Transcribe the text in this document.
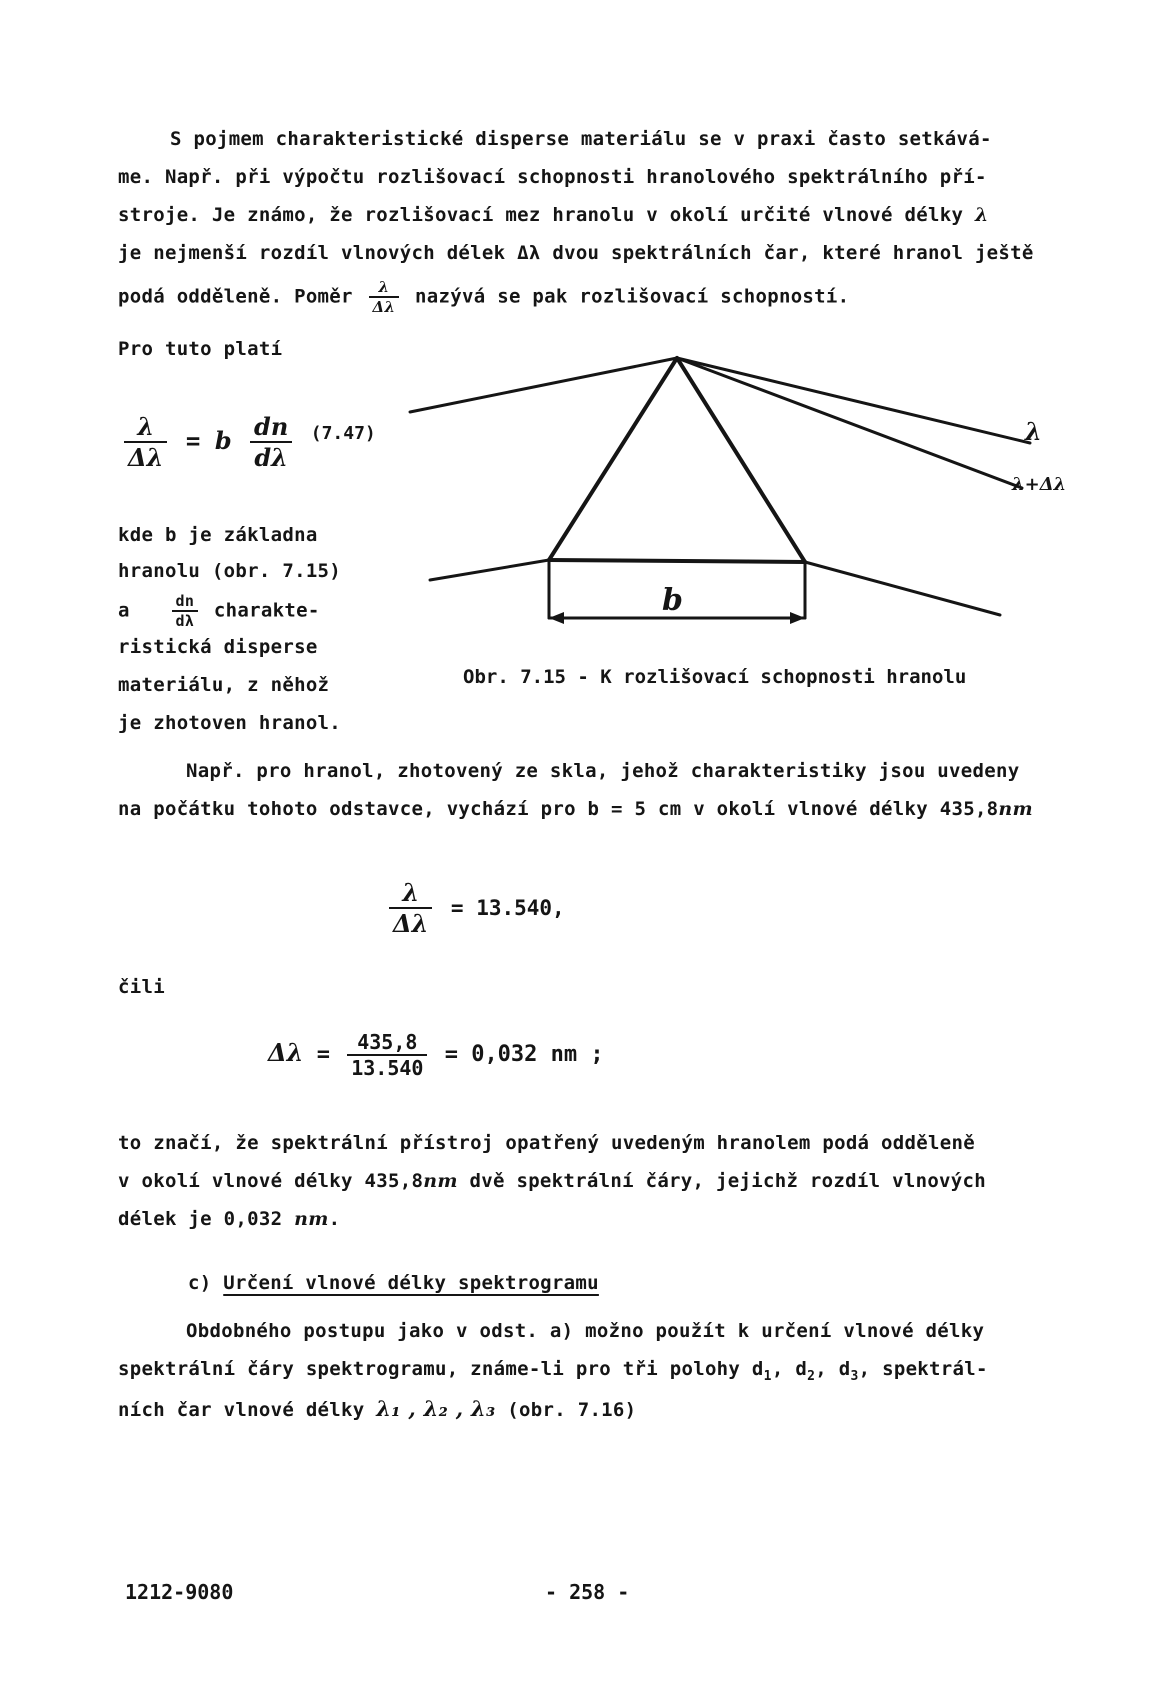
S pojmem charakteristické disperse materiálu se v praxi často setkává-
me. Např. při výpočtu rozlišovací schopnosti hranolového spektrálního pří-
stroje. Je známo, že rozlišovací mez hranolu v okolí určité vlnové délky λ
je nejmenší rozdíl vlnových délek Δλ dvou spektrálních čar, které hranol ještě
podá odděleně. Poměr $\frac{\lambda}{\Delta\lambda}$ nazývá se pak rozlišovací schopností.
Pro tuto platí
$\frac{\lambda}{\Delta\lambda} = b \frac{dn}{d\lambda} ^{(7.47)}$
kde b je základna
hranolu (obr. 7.15)
a	$\frac{dn}{d\lambda}$ charakte-
ristická disperse
materiálu, z něhož
je zhotoven hranol.
λ
λ+Δλ
b
Obr. 7.15 - K rozlišovací schopnosti hranolu
Např. pro hranol, zhotovený ze skla, jehož charakteristiky jsou uvedeny
na počátku tohoto odstavce, vychází pro b = 5 cm v okolí vlnové délky 435,8nm
$\frac{\lambda}{\Delta\lambda} = 13.540$,
čili
$\Delta\lambda = \frac{435,8}{13.540} = 0,032$ nm ;
to značí, že spektrální přístroj opatřený uvedeným hranolem podá odděleně
v okolí vlnové délky 435,8nm dvě spektrální čáry, jejichž rozdíl vlnových
délek je 0,032 nm.
c) Určení vlnové délky spektrogramu
Obdobného postupu jako v odst. a) možno použít k určení vlnové délky
spektrální čáry spektrogramu, známe-li pro tři polohy $d_1$, $d_2$, $d_3$, spektrál-
ních čar vlnové délky λ₁ , λ₂ , λ₃ (obr. 7.16)
1212-9080	- 258 -
